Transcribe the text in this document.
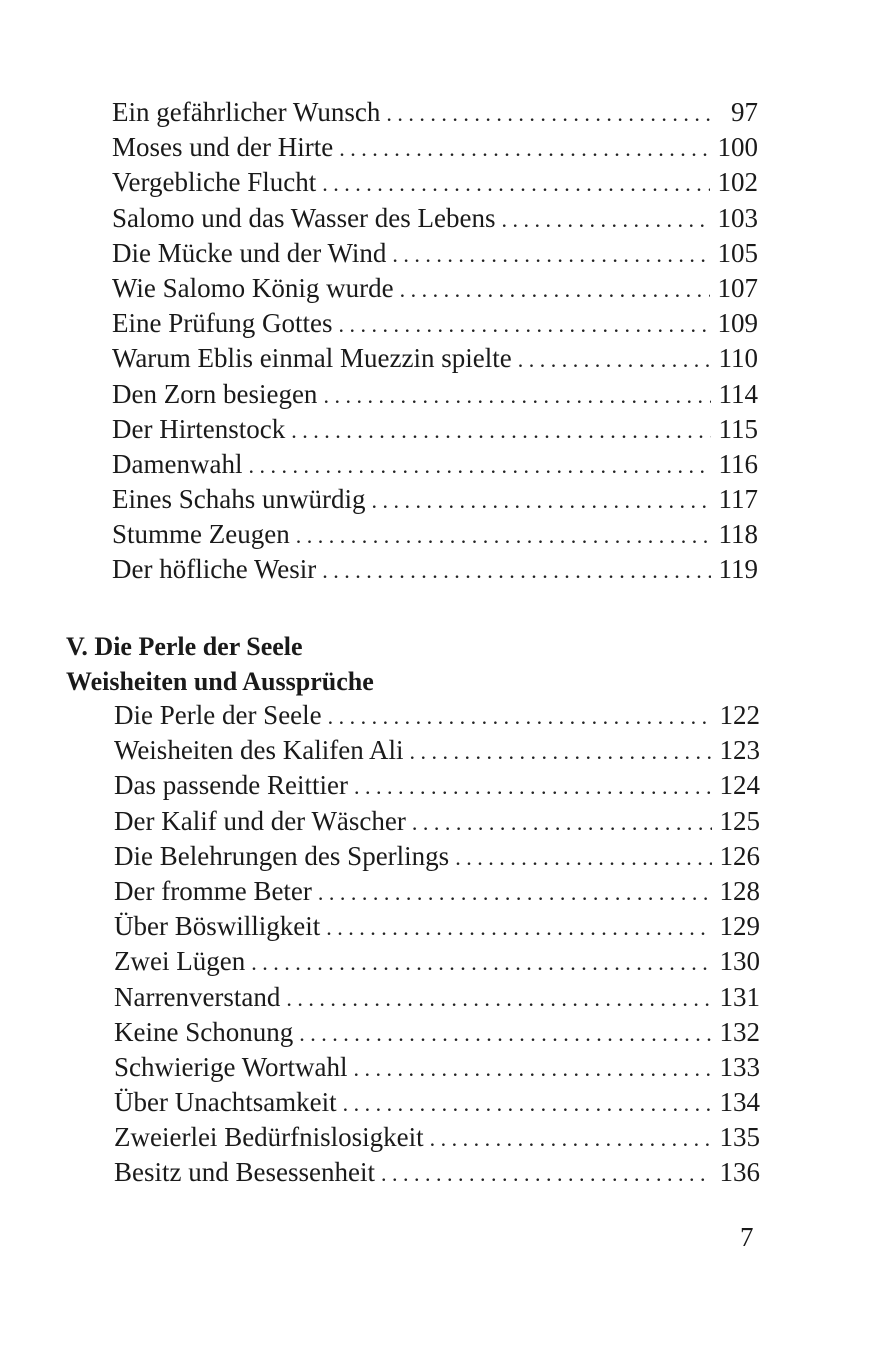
Ein gefährlicher Wunsch . . .	97
Moses und der Hirte . . .	100
Vergebliche Flucht . . .	102
Salomo und das Wasser des Lebens . . .	103
Die Mücke und der Wind . . .	105
Wie Salomo König wurde . . .	107
Eine Prüfung Gottes . . .	109
Warum Eblis einmal Muezzin spielte . . .	110
Den Zorn besiegen . . .	114
Der Hirtenstock . . .	115
Damenwahl . . .	116
Eines Schahs unwürdig . . .	117
Stumme Zeugen . . .	118
Der höfliche Wesir . . .	119
V. Die Perle der Seele
Weisheiten und Aussprüche
Die Perle der Seele . . .	122
Weisheiten des Kalifen Ali . . .	123
Das passende Reittier . . .	124
Der Kalif und der Wäscher . . .	125
Die Belehrungen des Sperlings . . .	126
Der fromme Beter . . .	128
Über Böswilligkeit . . .	129
Zwei Lügen . . .	130
Narrenverstand . . .	131
Keine Schonung . . .	132
Schwierige Wortwahl . . .	133
Über Unachtsamkeit . . .	134
Zweierlei Bedürfnislosigkeit . . .	135
Besitz und Besessenheit . . .	136
7
